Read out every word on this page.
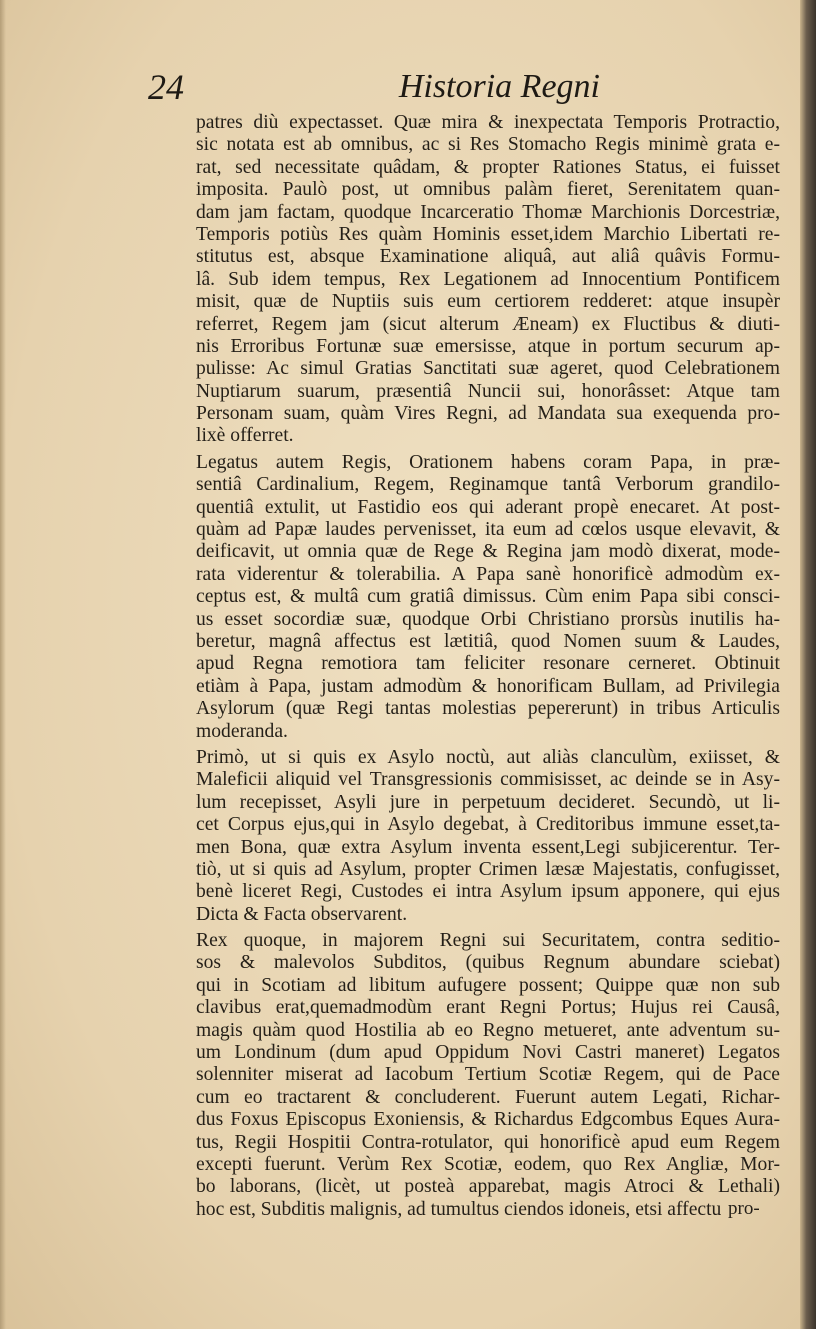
24	Historia Regni
patres diù expectasset. Quæ mira & inexpectata Temporis Protractio,
sic notata est ab omnibus, ac si Res Stomacho Regis minimè grata e-
rat, sed necessitate quâdam, & propter Rationes Status, ei fuisset
imposita. Paulò post, ut omnibus palàm fieret, Serenitatem quan-
dam jam factam, quodque Incarceratio Thomæ Marchionis Dorcestriæ,
Temporis potiùs Res quàm Hominis esset,idem Marchio Libertati re-
stitutus est, absque Examinatione aliquâ, aut aliâ quâvis Formu-
lâ. Sub idem tempus, Rex Legationem ad Innocentium Pontificem
misit, quæ de Nuptiis suis eum certiorem redderet: atque insupèr
referret, Regem jam (sicut alterum Æneam) ex Fluctibus & diuti-
nis Erroribus Fortunæ suæ emersisse, atque in portum securum ap-
pulisse: Ac simul Gratias Sanctitati suæ ageret, quod Celebrationem
Nuptiarum suarum, præsentiâ Nuncii sui, honorâsset: Atque tam
Personam suam, quàm Vires Regni, ad Mandata sua exequenda pro-
lixè offerret.
Legatus autem Regis, Orationem habens coram Papa, in præ-
sentiâ Cardinalium, Regem, Reginamque tantâ Verborum grandilo-
quentiâ extulit, ut Fastidio eos qui aderant propè enecaret. At post-
quàm ad Papæ laudes pervenisset, ita eum ad cœlos usque elevavit, &
deificavit, ut omnia quæ de Rege & Regina jam modò dixerat, mode-
rata viderentur & tolerabilia. A Papa sanè honorificè admodùm ex-
ceptus est, & multâ cum gratiâ dimissus. Cùm enim Papa sibi consci-
us esset socordiæ suæ, quodque Orbi Christiano prorsùs inutilis ha-
beretur, magnâ affectus est lætitiâ, quod Nomen suum & Laudes,
apud Regna remotiora tam feliciter resonare cerneret. Obtinuit
etiàm à Papa, justam admodùm & honorificam Bullam, ad Privilegia
Asylorum (quæ Regi tantas molestias pepererunt) in tribus Articulis
moderanda.
Primò, ut si quis ex Asylo noctù, aut aliàs clanculùm, exiisset, &
Maleficii aliquid vel Transgressionis commisisset, ac deinde se in Asy-
lum recepisset, Asyli jure in perpetuum decideret. Secundò, ut li-
cet Corpus ejus,qui in Asylo degebat, à Creditoribus immune esset,ta-
men Bona, quæ extra Asylum inventa essent,Legi subjicerentur. Ter-
tiò, ut si quis ad Asylum, propter Crimen læsæ Majestatis, confugisset,
benè liceret Regi, Custodes ei intra Asylum ipsum apponere, qui ejus
Dicta & Facta observarent.
Rex quoque, in majorem Regni sui Securitatem, contra seditio-
sos & malevolos Subditos, (quibus Regnum abundare sciebat)
qui in Scotiam ad libitum aufugere possent; Quippe quæ non sub
clavibus erat,quemadmodùm erant Regni Portus; Hujus rei Causâ,
magis quàm quod Hostilia ab eo Regno metueret, ante adventum su-
um Londinum (dum apud Oppidum Novi Castri maneret) Legatos
solenniter miserat ad Iacobum Tertium Scotiæ Regem, qui de Pace
cum eo tractarent & concluderent. Fuerunt autem Legati, Richar-
dus Foxus Episcopus Exoniensis, & Richardus Edgcombus Eques Aura-
tus, Regii Hospitii Contra-rotulator, qui honorificè apud eum Regem
excepti fuerunt. Verùm Rex Scotiæ, eodem, quo Rex Angliæ, Mor-
bo laborans, (licèt, ut posteà apparebat, magis Atroci & Lethali)
hoc est, Subditis malignis, ad tumultus ciendos idoneis, etsi affectu pro-
